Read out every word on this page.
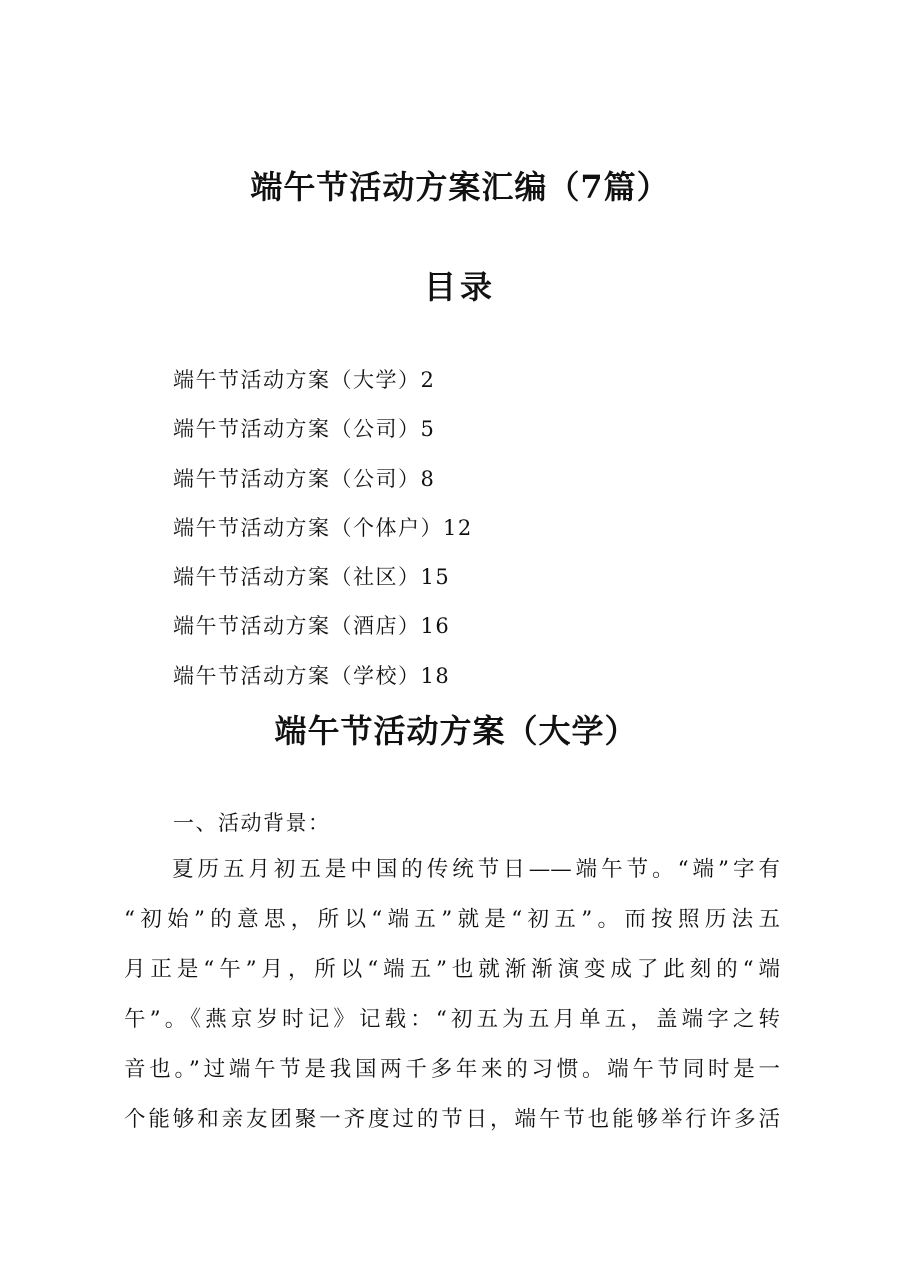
端午节活动方案汇编（7篇）
目录
端午节活动方案（大学）2
端午节活动方案（公司）5
端午节活动方案（公司）8
端午节活动方案（个体户）12
端午节活动方案（社区）15
端午节活动方案（酒店）16
端午节活动方案（学校）18
端午节活动方案（大学）
一、活动背景：
夏历五月初五是中国的传统节日——端午节。“端”字有
“初始”的意思，所以“端五”就是“初五”。而按照历法五
月正是“午”月，所以“端五”也就渐渐演变成了此刻的“端
午”。《燕京岁时记》记载：“初五为五月单五，盖端字之转
音也。”过端午节是我国两千多年来的习惯。端午节同时是一
个能够和亲友团聚一齐度过的节日，端午节也能够举行许多活
